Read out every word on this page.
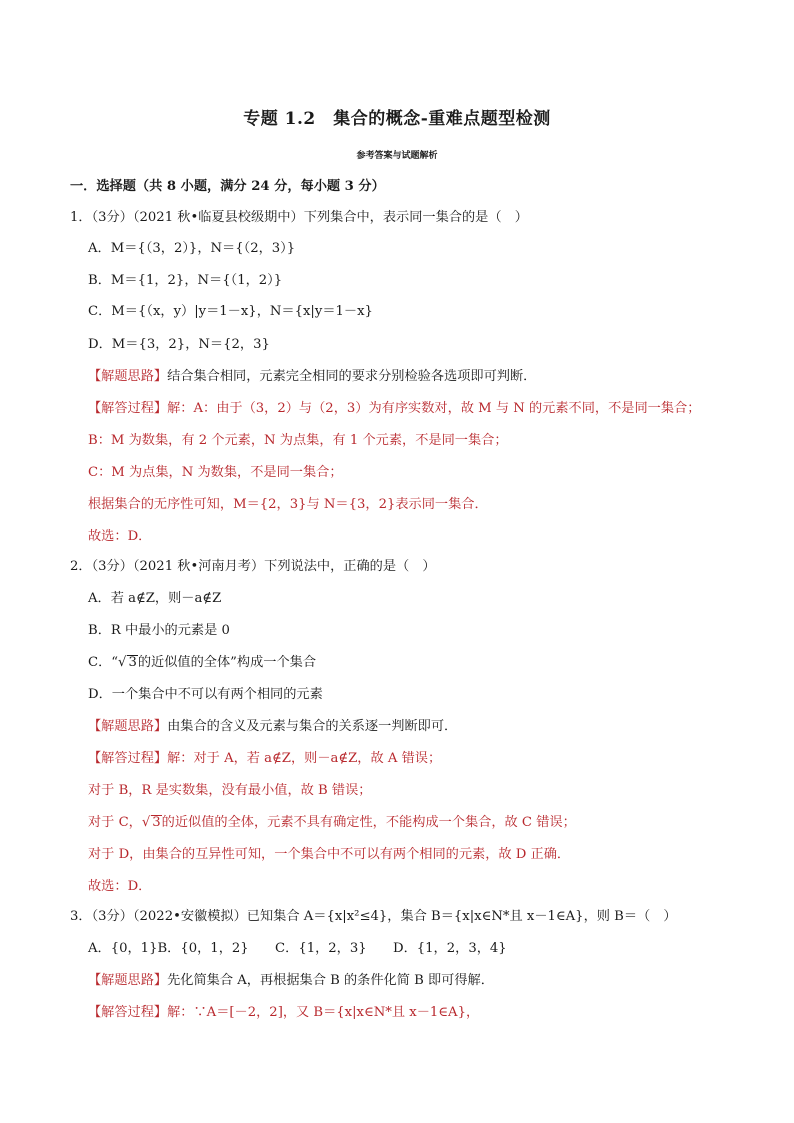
专题 1.2　集合的概念-重难点题型检测
参考答案与试题解析
一．选择题（共 8 小题，满分 24 分，每小题 3 分）
1．（3分）（2021 秋•临夏县校级期中）下列集合中，表示同一集合的是（　）
A．M＝{（3，2）}，N＝{（2，3）}
B．M＝{1，2}，N＝{（1，2）}
C．M＝{（x，y）|y＝1－x}，N＝{x|y＝1－x}
D．M＝{3，2}，N＝{2，3}
【解题思路】结合集合相同，元素完全相同的要求分别检验各选项即可判断．
【解答过程】解：A：由于（3，2）与（2，3）为有序实数对，故 M 与 N 的元素不同，不是同一集合；
B：M 为数集，有 2 个元素，N 为点集，有 1 个元素，不是同一集合；
C：M 为点集，N 为数集，不是同一集合；
根据集合的无序性可知，M＝{2，3}与 N＝{3，2}表示同一集合．
故选：D．
2．（3分）（2021 秋•河南月考）下列说法中，正确的是（　）
A．若 a∉Z，则－a∉Z
B．R 中最小的元素是 0
C．“√ 3的近似值的全体”构成一个集合
D．一个集合中不可以有两个相同的元素
【解题思路】由集合的含义及元素与集合的关系逐一判断即可．
【解答过程】解：对于 A，若 a∉Z，则－a∉Z，故 A 错误；
对于 B，R 是实数集，没有最小值，故 B 错误；
对于 C，√ 3的近似值的全体，元素不具有确定性，不能构成一个集合，故 C 错误；
对于 D，由集合的互异性可知，一个集合中不可以有两个相同的元素，故 D 正确．
故选：D．
3．（3分）（2022•安徽模拟）已知集合 A＝{x|x²≤4}，集合 B＝{x|x∈N*且 x－1∈A}，则 B＝（　）
A．{0，1}B．{0，1，2}　　C．{1，2，3}　　D．{1，2，3，4}
【解题思路】先化简集合 A，再根据集合 B 的条件化简 B 即可得解．
【解答过程】解：∵A＝[－2，2]，又 B＝{x|x∈N*且 x－1∈A}，
